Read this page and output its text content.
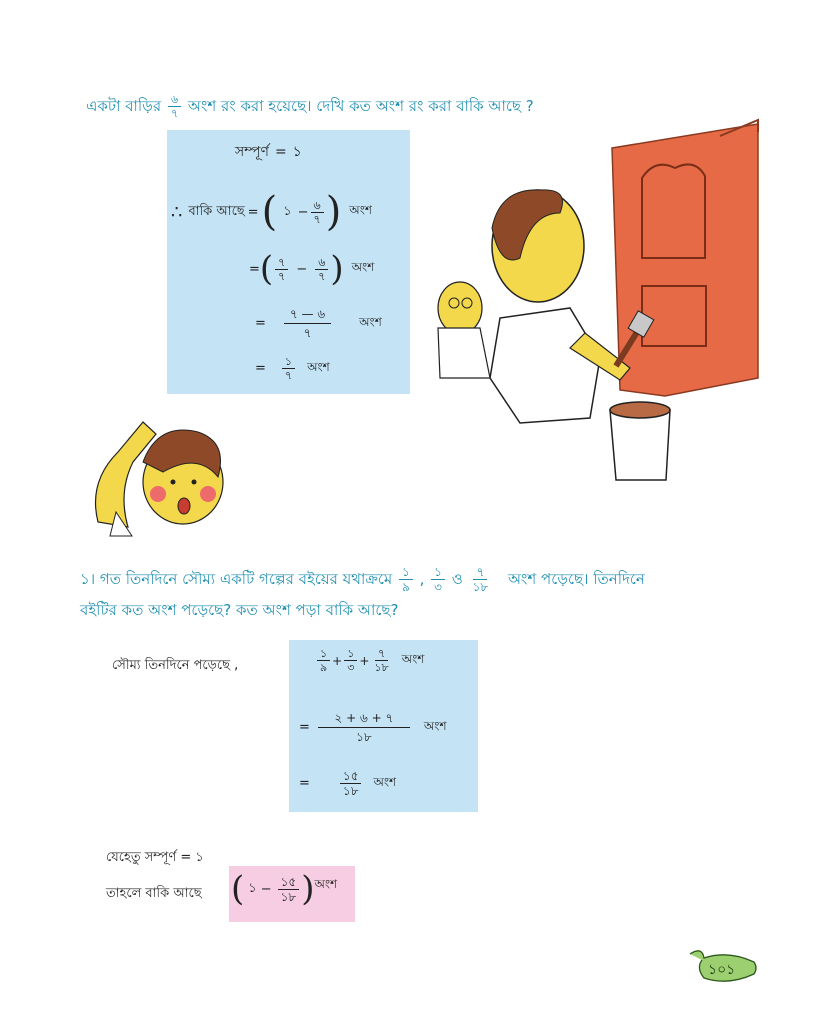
একটা বাড়ির $\frac{৬}{৭}$ অংশ রং করা হয়েছে। দেখি কত অংশ রং করা বাকি আছে ?
সম্পূর্ণ = ১
∴ বাকি আছে = ( ১ − $\frac{৬}{৭}$ ) অংশ
= ( $\frac{৭}{৭} - \frac{৬}{৭}$ ) অংশ
=
৭ — ৬
৭
অংশ
= $\frac{১}{৭}$ অংশ
১। গত তিনদিনে সৌম্য একটি গল্পের বইয়ের যথাক্রমে $\frac{১}{৯}$ , $\frac{১}{৩}$ ও $\frac{৭}{১৮}$ অংশ পড়েছে। তিনদিনে
বইটির কত অংশ পড়েছে? কত অংশ পড়া বাকি আছে?
সৌম্য তিনদিনে পড়েছে ,	$\frac{১}{৯} + \frac{১}{৩} + \frac{৭}{১৮}$ অংশ
=
২ + ৬ + ৭
১৮
অংশ
=	$\frac{১৫}{১৮}$ অংশ
যেহেতু সম্পূর্ণ = ১
তাহলে বাকি আছে ( ১ − $\frac{১৫}{১৮}$ ) অংশ
১০১
